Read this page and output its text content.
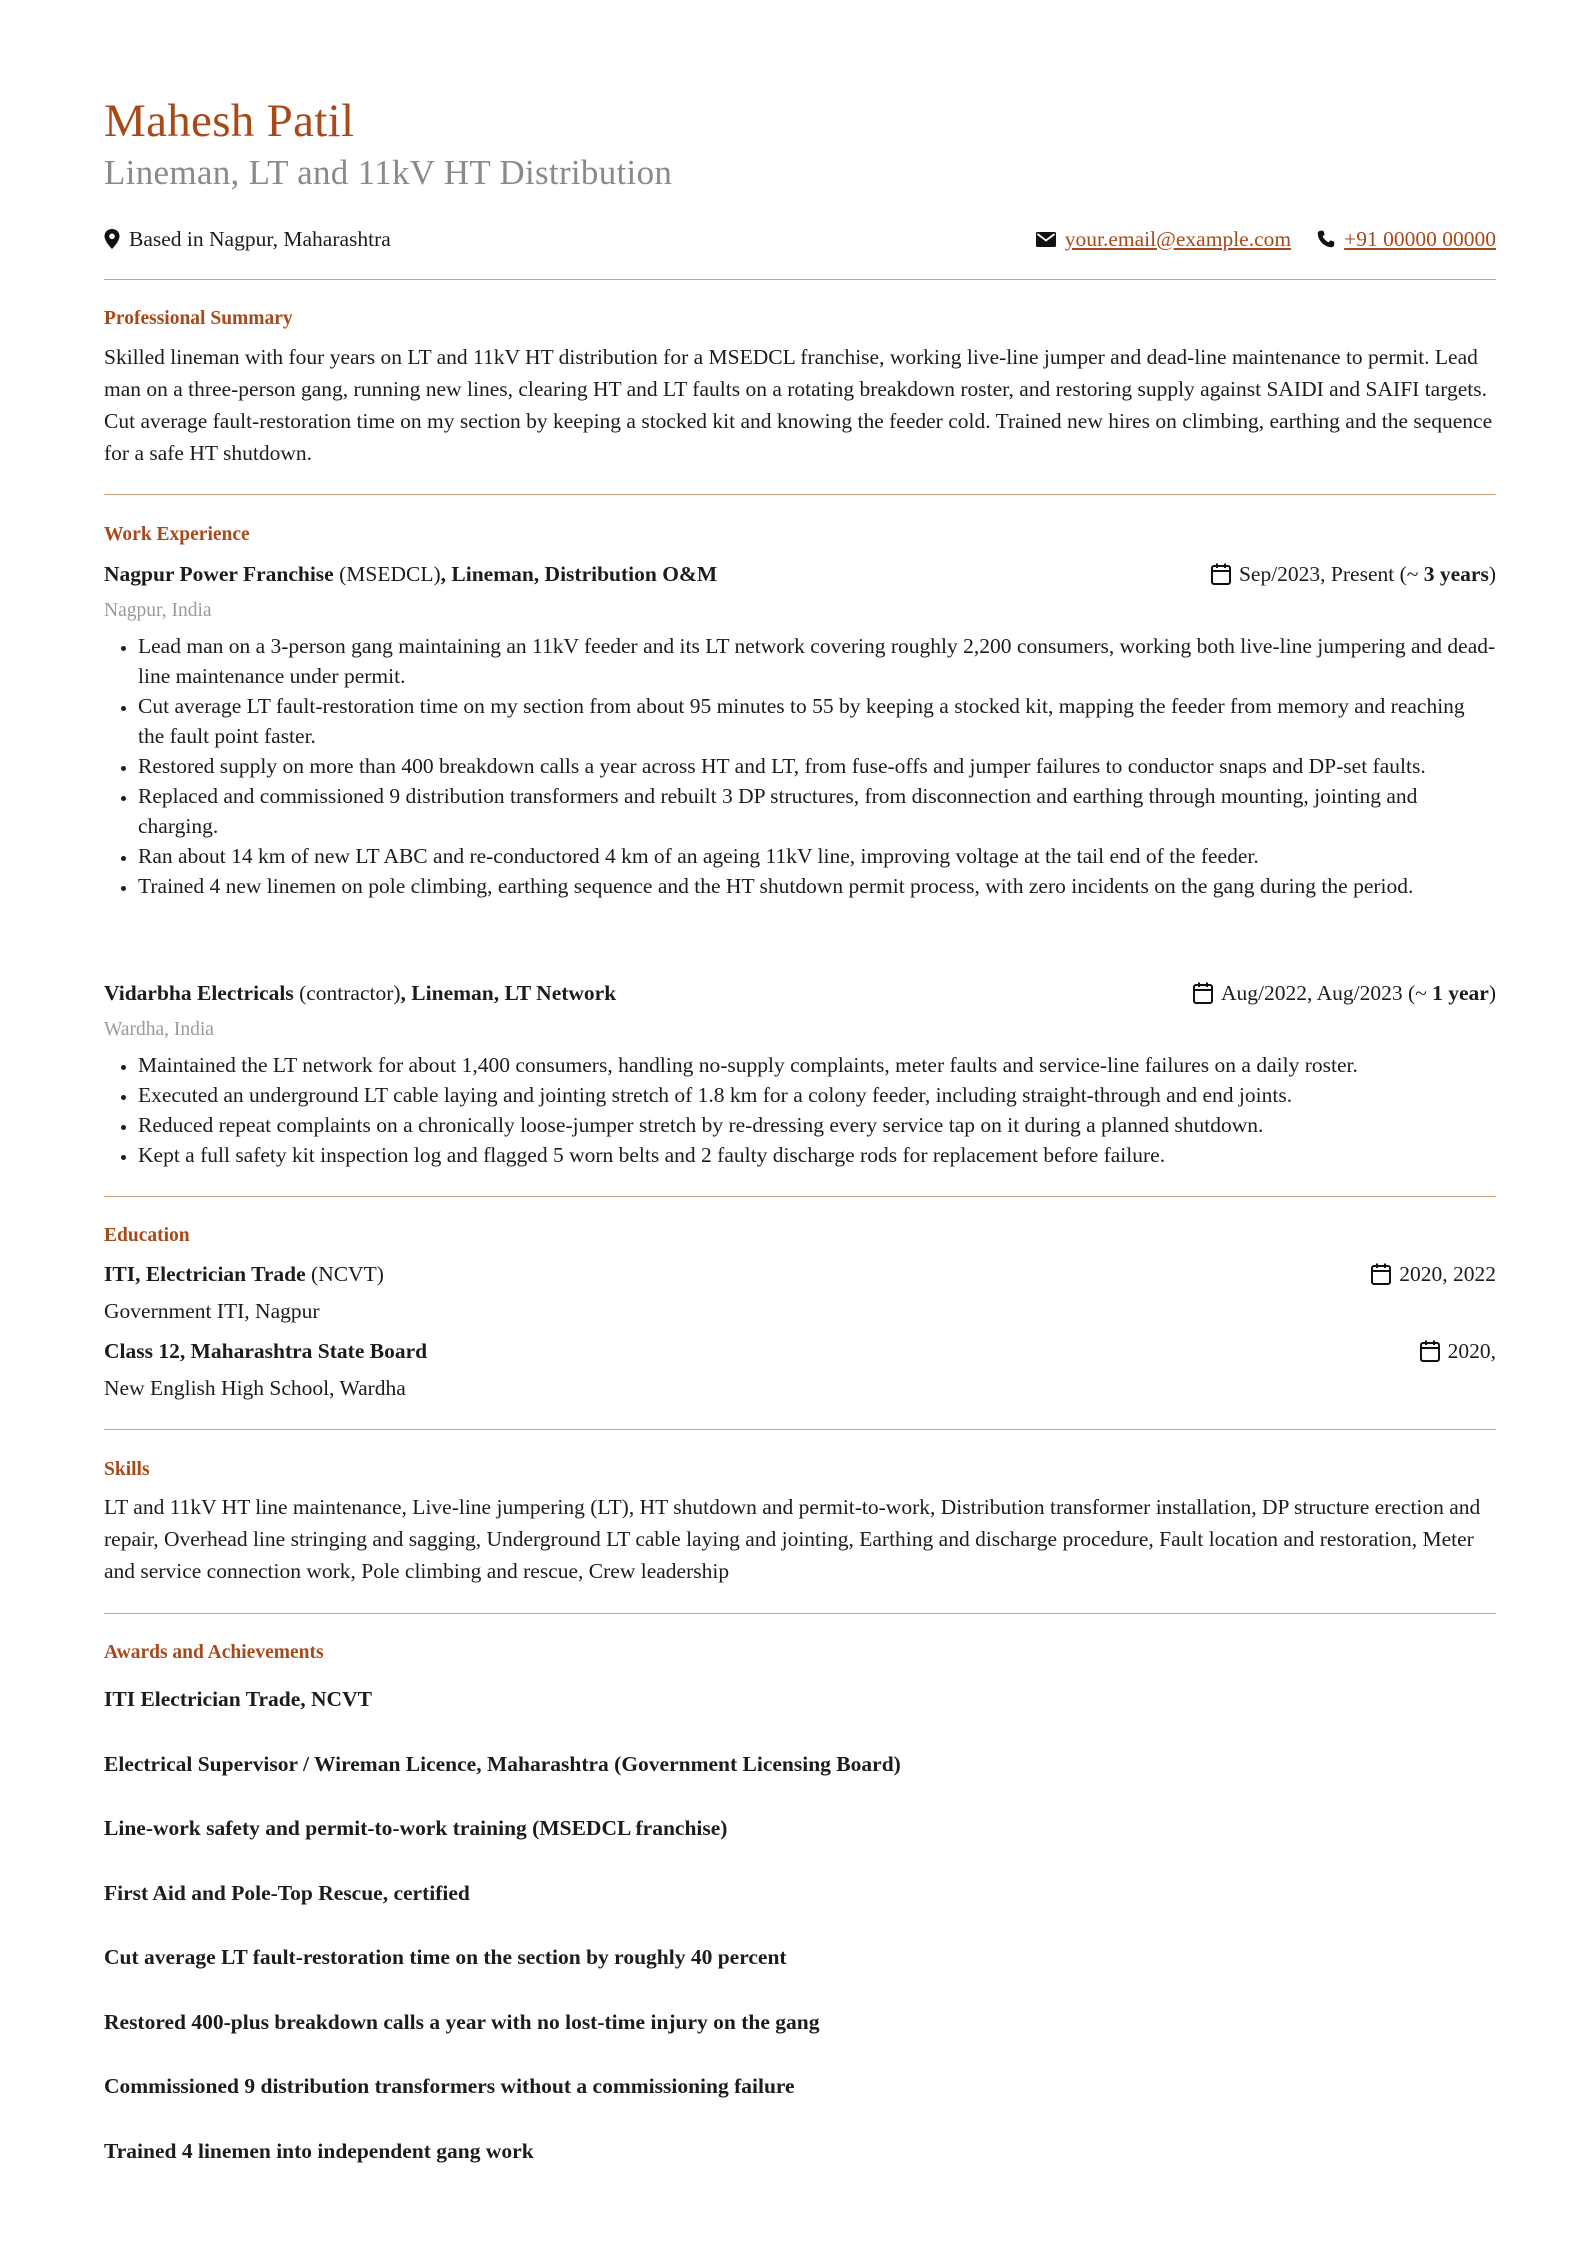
Mahesh Patil
Lineman, LT and 11kV HT Distribution
Based in Nagpur, Maharashtra	your.email@example.com +91 00000 00000
Professional Summary

Skilled lineman with four years on LT and 11kV HT distribution for a MSEDCL franchise, working live-line jumper and dead-line maintenance to permit. Lead man on a three-person gang, running new lines, clearing HT and LT faults on a rotating breakdown roster, and restoring supply against SAIDI and SAIFI targets. Cut average fault-restoration time on my section by keeping a stocked kit and knowing the feeder cold. Trained new hires on climbing, earthing and the sequence for a safe HT shutdown.

Work Experience
Nagpur Power Franchise (MSEDCL), Lineman, Distribution O&M	Sep/2023, Present (~
3 years )
Nagpur, India
• Lead man on a 3-person gang maintaining an 11kV feeder and its LT network covering roughly 2,200 consumers, working both live-line jumpering and dead-line maintenance under permit.
• Cut average LT fault-restoration time on my section from about 95 minutes to 55 by keeping a stocked kit, mapping the feeder from memory and reaching the fault point faster.
• Restored supply on more than 400 breakdown calls a year across HT and LT, from fuse-offs and jumper failures to conductor snaps and DP-set faults.
• Replaced and commissioned 9 distribution transformers and rebuilt 3 DP structures, from disconnection and earthing through mounting, jointing and charging.
• Ran about 14 km of new LT ABC and re-conductored 4 km of an ageing 11kV line, improving voltage at the tail end of the feeder.
• Trained 4 new linemen on pole climbing, earthing sequence and the HT shutdown permit process, with zero incidents on the gang during the period.
Vidarbha Electricals (contractor), Lineman, LT Network	Aug/2022, Aug/2023 (~
1 year )
Wardha, India
• Maintained the LT network for about 1,400 consumers, handling no-supply complaints, meter faults and service-line failures on a daily roster.
• Executed an underground LT cable laying and jointing stretch of 1.8 km for a colony feeder, including straight-through and end joints.
• Reduced repeat complaints on a chronically loose-jumper stretch by re-dressing every service tap on it during a planned shutdown.
• Kept a full safety kit inspection log and flagged 5 worn belts and 2 faulty discharge rods for replacement before failure.
Education
ITI, Electrician Trade (NCVT)	2020, 2022
Government ITI, Nagpur
Class 12, Maharashtra State Board	2020,
New English High School, Wardha
Skills

LT and 11kV HT line maintenance, Live-line jumpering (LT), HT shutdown and permit-to-work, Distribution transformer installation, DP structure erection and repair, Overhead line stringing and sagging, Underground LT cable laying and jointing, Earthing and discharge procedure, Fault location and restoration, Meter and service connection work, Pole climbing and rescue, Crew leadership

Awards and Achievements
ITI Electrician Trade, NCVT
Electrical Supervisor / Wireman Licence, Maharashtra (Government Licensing Board)
Line-work safety and permit-to-work training (MSEDCL franchise)
First Aid and Pole-Top Rescue, certified
Cut average LT fault-restoration time on the section by roughly 40 percent
Restored 400-plus breakdown calls a year with no lost-time injury on the gang
Commissioned 9 distribution transformers without a commissioning failure
Trained 4 linemen into independent gang work
